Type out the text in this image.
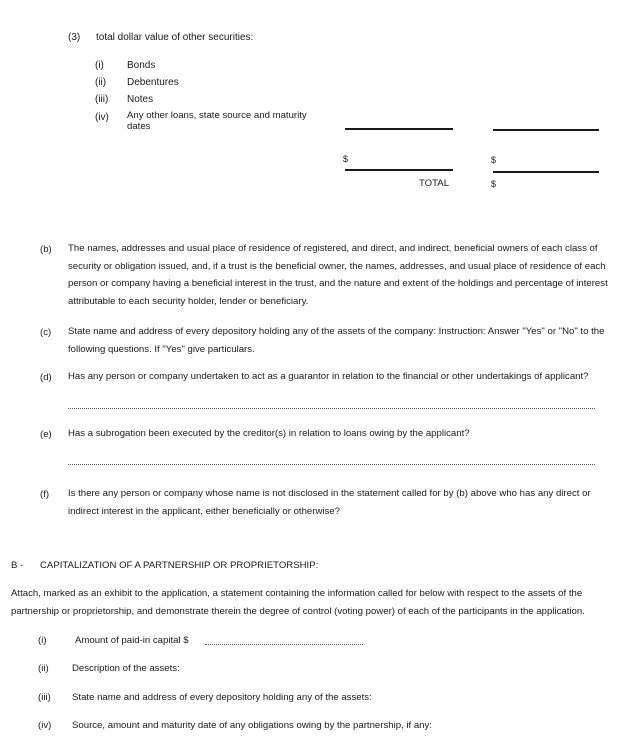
(3) total dollar value of other securities:
(i) Bonds
(ii) Debentures
(iii) Notes
(iv) Any other loans, state source and maturity dates
$	$
TOTAL	$
(b) The names, addresses and usual place of residence of registered, and direct, and indirect, beneficial owners of each class of security or obligation issued, and, if a trust is the beneficial owner, the names, addresses, and usual place of residence of each person or company having a beneficial interest in the trust, and the nature and extent of the holdings and percentage of interest attributable to each security holder, lender or beneficiary.
(c) State name and address of every depository holding any of the assets of the company: Instruction: Answer "Yes" or "No" to the following questions. If "Yes" give particulars.
(d) Has any person or company undertaken to act as a guarantor in relation to the financial or other undertakings of applicant?
(e) Has a subrogation been executed by the creditor(s) in relation to loans owing by the applicant?
(f) Is there any person or company whose name is not disclosed in the statement called for by (b) above who has any direct or indirect interest in the applicant, either beneficially or otherwise?
B - CAPITALIZATION OF A PARTNERSHIP OR PROPRIETORSHIP:
Attach, marked as an exhibit to the application, a statement containing the information called for below with respect to the assets of the partnership or proprietorship, and demonstrate therein the degree of control (voting power) of each of the participants in the application.
(i)	Amount of paid-in capital $
(ii) Description of the assets:
(iii) State name and address of every depository holding any of the assets:
(iv) Source, amount and maturity date of any obligations owing by the partnership, if any:
